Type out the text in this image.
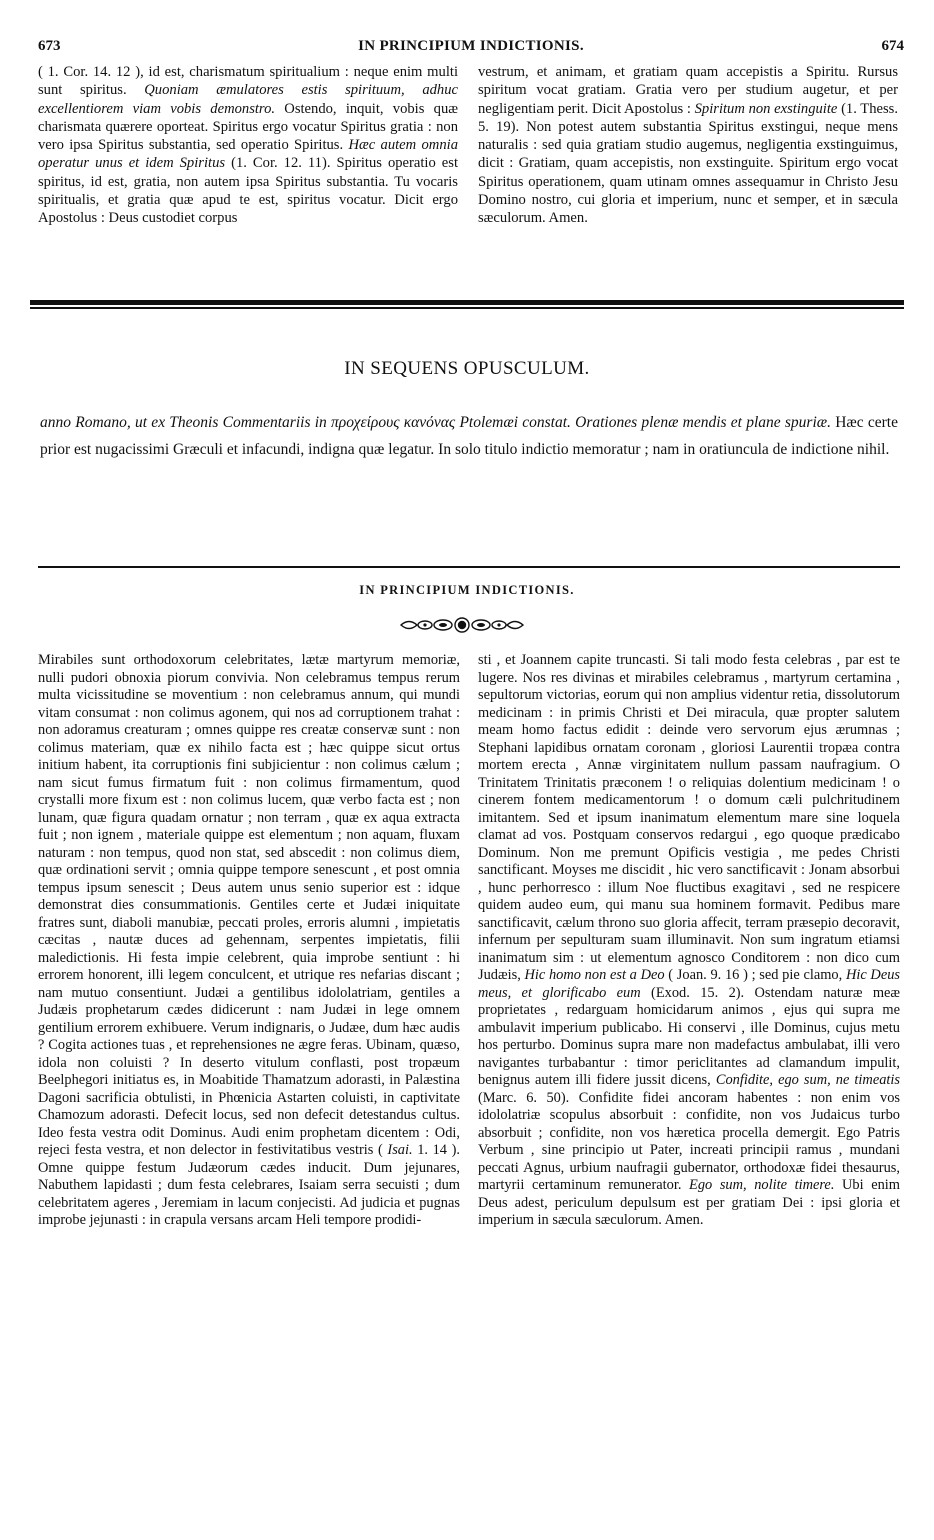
673	IN PRINCIPIUM INDICTIONIS.	674

( 1. Cor. 14. 12 ), id est, charismatum spiritualium : neque enim multi sunt spiritus. Quoniam æmulatores estis spirituum, adhuc excellentiorem viam vobis demonstro. Ostendo, inquit, vobis quæ charismata quærere oporteat. Spiritus ergo vocatur Spiritus gratia : non vero ipsa Spiritus substantia, sed operatio Spiritus. Hæc autem omnia operatur unus et idem Spiritus (1. Cor. 12. 11). Spiritus operatio est spiritus, id est, gratia, non autem ipsa Spiritus substantia. Tu vocaris spiritualis, et gratia quæ apud te est, spiritus vocatur. Dicit ergo Apostolus : Deus custodiet corpus

vestrum, et animam, et gratiam quam accepistis a Spiritu. Rursus spiritum vocat gratiam. Gratia vero per studium augetur, et per negligentiam perit. Dicit Apostolus : Spiritum non exstinguite (1. Thess. 5. 19). Non potest autem substantia Spiritus exstingui, neque mens naturalis : sed quia gratiam studio augemus, negligentia exstinguimus, dicit : Gratiam, quam accepistis, non exstinguite. Spiritum ergo vocat Spiritus operationem, quam utinam omnes assequamur in Christo Jesu Domino nostro, cui gloria et imperium, nunc et semper, et in sæcula sæculorum. Amen.

IN SEQUENS OPUSCULUM.

anno Romano, ut ex Theonis Commentariis in προχείρους κανόνας Ptolemæi constat. Orationes plenæ mendis et plane spuriæ. Hæc certe prior est nugacissimi Græculi et infacundi, indigna quæ legatur. In solo titulo indictio memoratur ; nam in oratiuncula de indictione nihil.

IN PRINCIPIUM INDICTIONIS.

Mirabiles sunt orthodoxorum celebritates, lætæ martyrum memoriæ, nulli pudori obnoxia piorum convivia. Non celebramus tempus rerum multa vicissitudine se moventium : non celebramus annum, qui mundi vitam consumat : non colimus agonem, qui nos ad corruptionem trahat : non adoramus creaturam ; omnes quippe res creatæ conservæ sunt : non colimus materiam, quæ ex nihilo facta est ; hæc quippe sicut ortus initium habent, ita corruptionis fini subjicientur : non colimus cælum ; nam sicut fumus firmatum fuit : non colimus firmamentum, quod crystalli more fixum est : non colimus lucem, quæ verbo facta est ; non lunam, quæ figura quadam ornatur ; non terram , quæ ex aqua extracta fuit ; non ignem , materiale quippe est elementum ; non aquam, fluxam naturam : non tempus, quod non stat, sed abscedit : non colimus diem, quæ ordinationi servit ; omnia quippe tempore senescunt , et post omnia tempus ipsum senescit ; Deus autem unus senio superior est : idque demonstrat dies consummationis. Gentiles certe et Judæi iniquitate fratres sunt, diaboli manubiæ, peccati proles, erroris alumni , impietatis cæcitas , nautæ duces ad gehennam, serpentes impietatis, filii maledictionis. Hi festa impie celebrent, quia improbe sentiunt : hi errorem honorent, illi legem conculcent, et utrique res nefarias discant ; nam mutuo consentiunt. Judæi a gentilibus idololatriam, gentiles a Judæis prophetarum cædes didicerunt : nam Judæi in lege omnem gentilium errorem exhibuere. Verum indignaris, o Judæe, dum hæc audis ? Cogita actiones tuas , et reprehensiones ne ægre feras. Ubinam, quæso, idola non coluisti ? In deserto vitulum conflasti, post tropæum Beelphegori initiatus es, in Moabitide Thamatzum adorasti, in Palæstina Dagoni sacrificia obtulisti, in Phœnicia Astarten coluisti, in captivitate Chamozum adorasti. Defecit locus, sed non defecit detestandus cultus. Ideo festa vestra odit Dominus. Audi enim prophetam dicentem : Odi, rejeci festa vestra, et non delector in festivitatibus vestris ( Isai. 1. 14 ). Omne quippe festum Judæorum cædes inducit. Dum jejunares, Nabuthem lapidasti ; dum festa celebrares, Isaiam serra secuisti ; dum celebritatem ageres , Jeremiam in lacum conjecisti. Ad judicia et pugnas improbe jejunasti : in crapula versans arcam Heli tempore prodidi-

sti , et Joannem capite truncasti. Si tali modo festa celebras , par est te lugere. Nos res divinas et mirabiles celebramus , martyrum certamina , sepultorum victorias, eorum qui non amplius videntur retia, dissolutorum medicinam : in primis Christi et Dei miracula, quæ propter salutem meam homo factus edidit : deinde vero servorum ejus ærumnas ; Stephani lapidibus ornatam coronam , gloriosi Laurentii tropæa contra mortem erecta , Annæ virginitatem nullum passam naufragium. O Trinitatem Trinitatis præconem ! o reliquias dolentium medicinam ! o cinerem fontem medicamentorum ! o domum cæli pulchritudinem imitantem. Sed et ipsum inanimatum elementum mare sine loquela clamat ad vos. Postquam conservos redargui , ego quoque prædicabo Dominum. Non me premunt Opificis vestigia , me pedes Christi sanctificant. Moyses me discidit , hic vero sanctificavit : Jonam absorbui , hunc perhorresco : illum Noe fluctibus exagitavi , sed ne respicere quidem audeo eum, qui manu sua hominem formavit. Pedibus mare sanctificavit, cælum throno suo gloria affecit, terram præsepio decoravit, infernum per sepulturam suam illuminavit. Non sum ingratum etiamsi inanimatum sim : ut elementum agnosco Conditorem : non dico cum Judæis, Hic homo non est a Deo ( Joan. 9. 16 ) ; sed pie clamo, Hic Deus meus, et glorificabo eum (Exod. 15. 2). Ostendam naturæ meæ proprietates , redarguam homicidarum animos , ejus qui supra me ambulavit imperium publicabo. Hi conservi , ille Dominus, cujus metu hos perturbo. Dominus supra mare non madefactus ambulabat, illi vero navigantes turbabantur : timor periclitantes ad clamandum impulit, benignus autem illi fidere jussit dicens, Confidite, ego sum, ne timeatis (Marc. 6. 50). Confidite fidei ancoram habentes : non enim vos idololatriæ scopulus absorbuit : confidite, non vos Judaicus turbo absorbuit ; confidite, non vos hæretica procella demergit. Ego Patris Verbum , sine principio ut Pater, increati principii ramus , mundani peccati Agnus, urbium naufragii gubernator, orthodoxæ fidei thesaurus, martyrii certaminum remunerator. Ego sum, nolite timere. Ubi enim Deus adest, periculum depulsum est per gratiam Dei : ipsi gloria et imperium in sæcula sæculorum. Amen.
